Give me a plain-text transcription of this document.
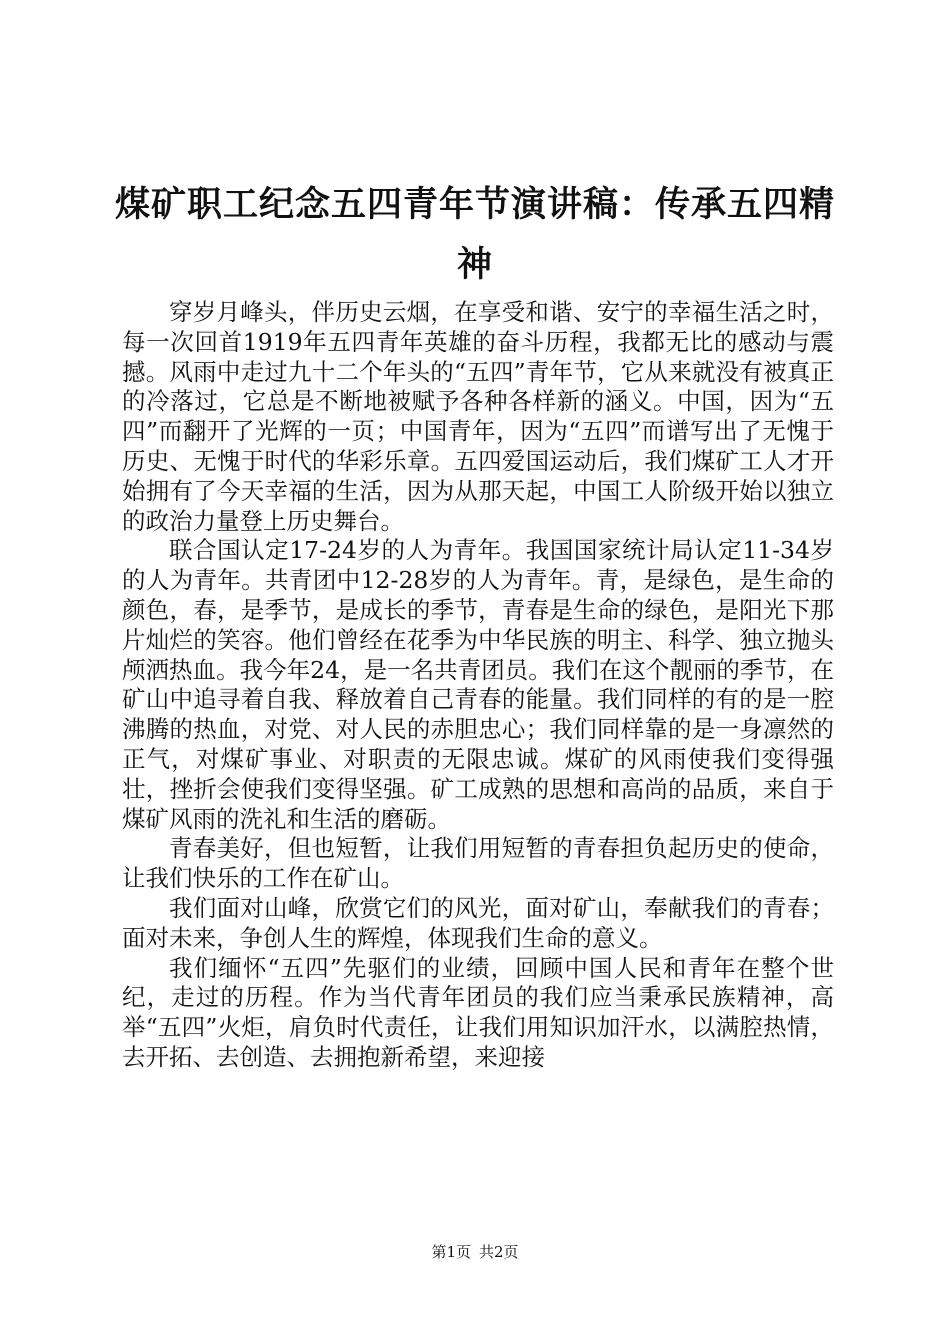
煤矿职工纪念五四青年节演讲稿：传承五四精神

穿岁月峰头，伴历史云烟，在享受和谐、安宁的幸福生活之时，每一次回首1919年五四青年英雄的奋斗历程，我都无比的感动与震撼。风雨中走过九十二个年头的“五四”青年节，它从来就没有被真正的冷落过，它总是不断地被赋予各种各样新的涵义。中国，因为“五四”而翻开了光辉的一页；中国青年，因为“五四”而谱写出了无愧于历史、无愧于时代的华彩乐章。五四爱国运动后，我们煤矿工人才开始拥有了今天幸福的生活，因为从那天起，中国工人阶级开始以独立的政治力量登上历史舞台。

联合国认定17-24岁的人为青年。我国国家统计局认定11-34岁的人为青年。共青团中12-28岁的人为青年。青，是绿色，是生命的颜色，春，是季节，是成长的季节，青春是生命的绿色，是阳光下那片灿烂的笑容。他们曾经在花季为中华民族的明主、科学、独立抛头颅洒热血。我今年24，是一名共青团员。我们在这个靓丽的季节，在矿山中追寻着自我、释放着自己青春的能量。我们同样的有的是一腔沸腾的热血，对党、对人民的赤胆忠心；我们同样靠的是一身凛然的正气，对煤矿事业、对职责的无限忠诚。煤矿的风雨使我们变得强壮，挫折会使我们变得坚强。矿工成熟的思想和高尚的品质，来自于煤矿风雨的洗礼和生活的磨砺。

青春美好，但也短暂，让我们用短暂的青春担负起历史的使命，让我们快乐的工作在矿山。

我们面对山峰，欣赏它们的风光，面对矿山，奉献我们的青春；面对未来，争创人生的辉煌，体现我们生命的意义。

我们缅怀“五四”先驱们的业绩，回顾中国人民和青年在整个世纪，走过的历程。作为当代青年团员的我们应当秉承民族精神，高举“五四”火炬，肩负时代责任，让我们用知识加汗水，以满腔热情，去开拓、去创造、去拥抱新希望，来迎接

第1页 共2页
